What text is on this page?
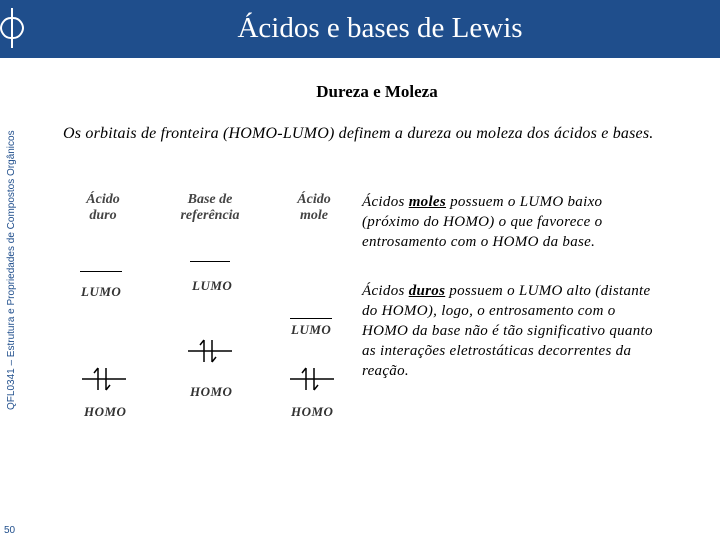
Ácidos e bases de Lewis
QFL0341 – Estrutura e Propriedades de Compostos Orgânicos
50
Dureza e Moleza
Os orbitais de fronteira (HOMO-LUMO) definem a dureza ou moleza dos ácidos e bases.
Ácidos moles possuem o LUMO baixo (próximo do HOMO) o que favorece o entrosamento com o HOMO da base.
Ácidos duros possuem o LUMO alto (distante do HOMO), logo, o entrosamento com o HOMO da base não é tão significativo quanto as interações eletrostáticas decorrentes da reação.
Ácido
duro
LUMO
HOMO
Base de
referência
LUMO
HOMO
Ácido
mole
LUMO
HOMO
